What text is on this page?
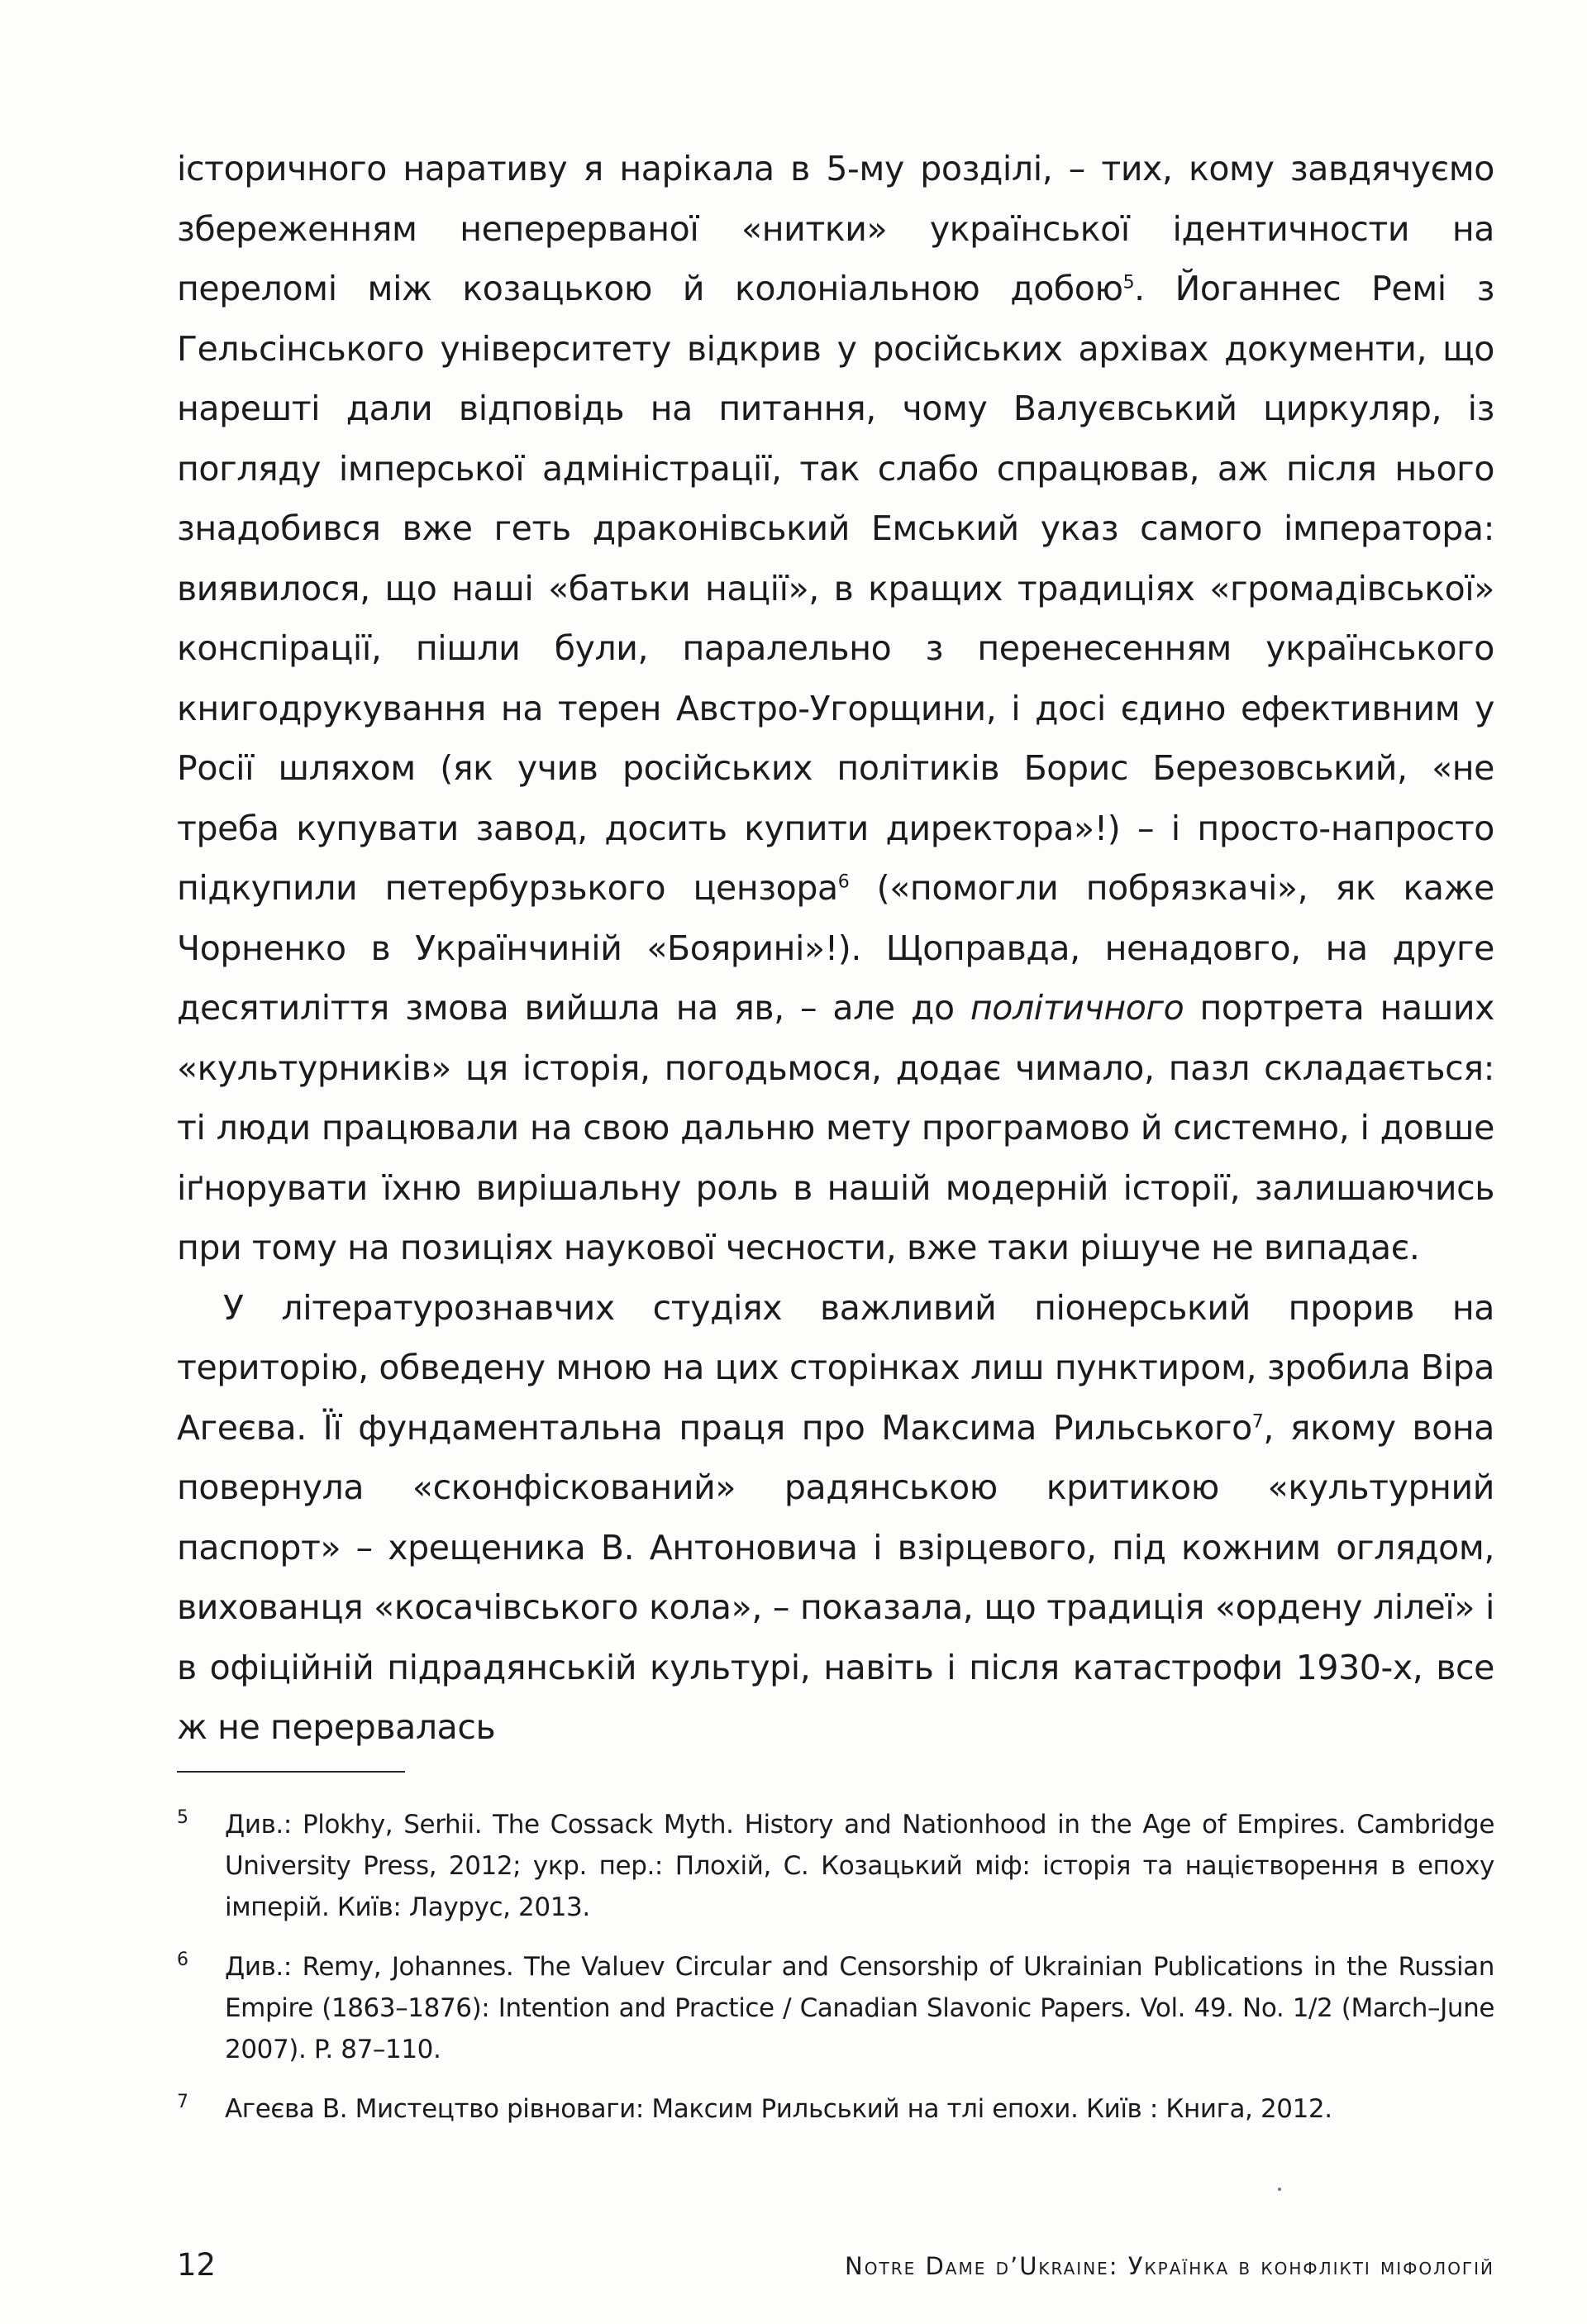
історичного наративу я нарікала в 5-му розділі, – тих, кому завдячуємо збереженням неперерваної «нитки» української ідентичности на переломі між козацькою й колоніальною добою$^5$. Йоганнес Ремі з Гельсінського університету відкрив у російських архівах документи, що нарешті дали відповідь на питання, чому Валуєвський циркуляр, із погляду імперської адміністрації, так слабо спрацював, аж після нього знадобився вже геть драконівський Емський указ самого імператора: виявилося, що наші «батьки нації», в кращих традиціях «громадівської» конспірації, пішли були, паралельно з перенесенням українського книгодрукування на терен Австро-Угорщини, і досі єдино ефективним у Росії шляхом (як учив російських політиків Борис Березовський, «не треба купувати завод, досить купити директора»!) – і просто-напросто підкупили петербурзького цензора$^6$ («помогли побрязкачі», як каже Чорненко в Українчиній «Боярині»!). Щоправда, ненадовго, на друге десятиліття змова вийшла на яв, – але до політичного портрета наших «культурників» ця історія, погодьмося, додає чимало, пазл складається: ті люди працювали на свою дальню мету програмово й системно, і довше іґнорувати їхню вирішальну роль в нашій модерній історії, залишаючись при тому на позиціях наукової чесности, вже таки рішуче не випадає.

У літературознавчих студіях важливий піонерський прорив на територію, обведену мною на цих сторінках лиш пунктиром, зробила Віра Агеєва. Її фундаментальна праця про Максима Рильського$^7$, якому вона повернула «сконфіскований» радянською критикою «культурний паспорт» – хрещеника В. Антоновича і взірцевого, під кожним оглядом, вихованця «косачівського кола», – показала, що традиція «ордену лілеї» і в офіційній підрадянській культурі, навіть і після катастрофи 1930-х, все ж не перервалась

5 Див.: Plokhy, Serhii. The Cossack Myth. History and Nationhood in the Age of Empires. Cambridge University Press, 2012; укр. пер.: Плохій, С. Козацький міф: історія та націєтворення в епоху імперій. Київ: Лаурус, 2013.
6 Див.: Remy, Johannes. The Valuev Circular and Censorship of Ukrainian Publications in the Russian Empire (1863–1876): Intention and Practice / Canadian Slavonic Papers. Vol. 49. No. 1/2 (March–June 2007). P. 87–110.
7 Агеєва В. Мистецтво рівноваги: Максим Рильський на тлі епохи. Київ : Книга, 2012.
12	Notre Dame d’Ukraine: Українка в конфлікті міфологій
